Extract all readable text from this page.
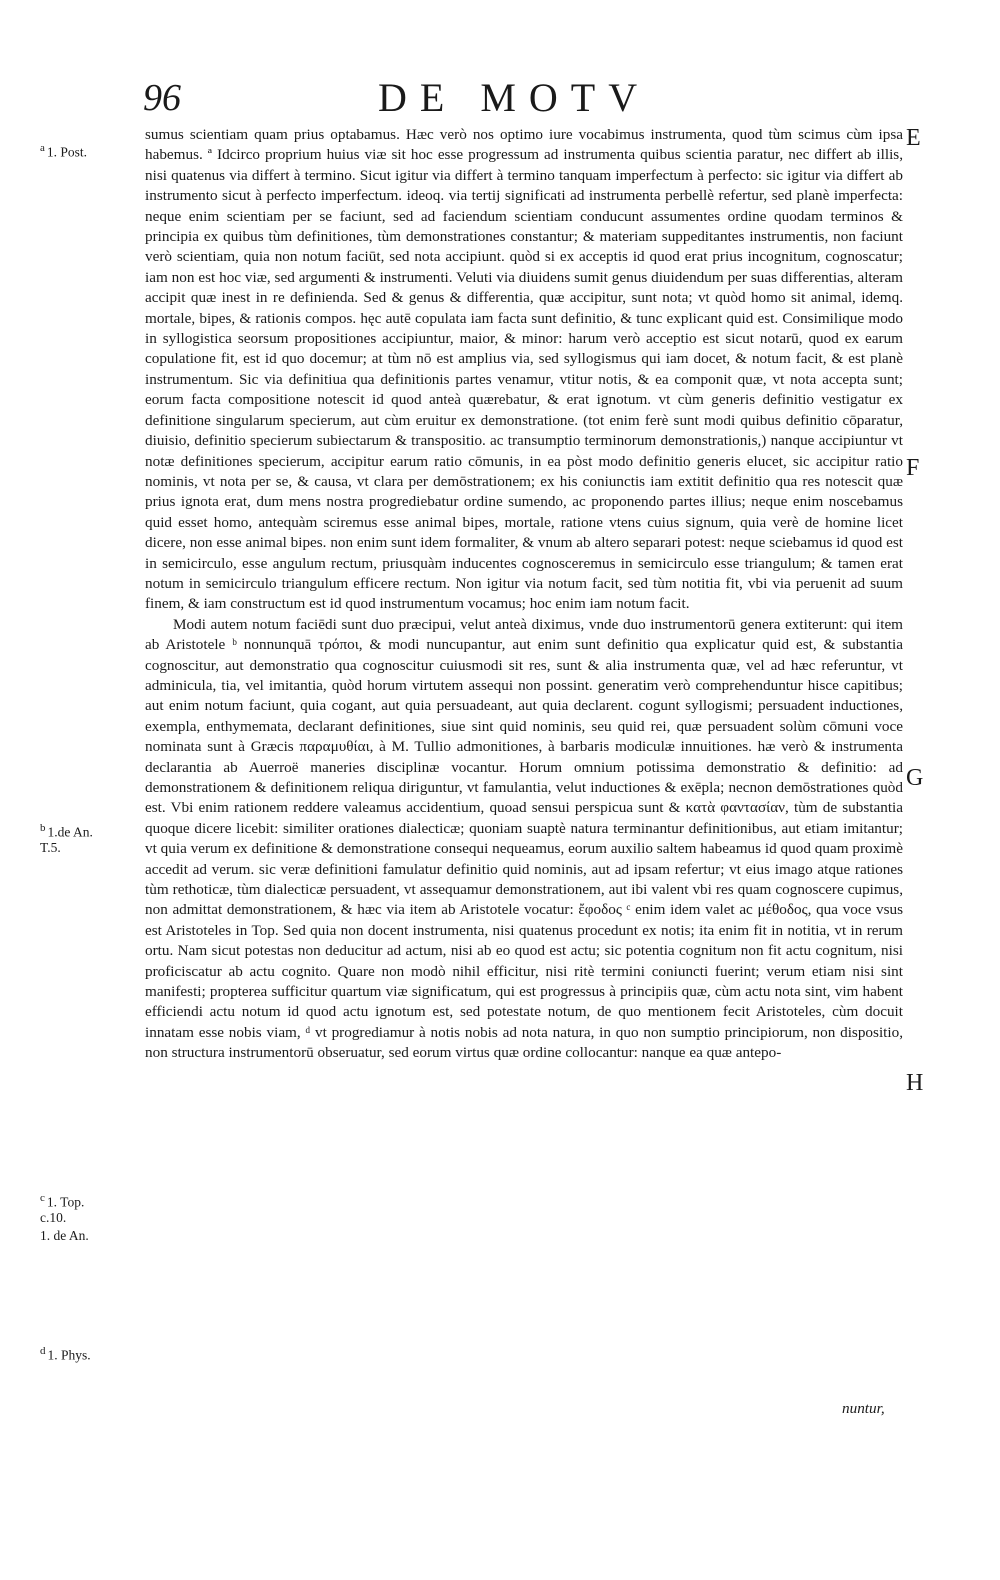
96	DE MOTV
$^a$ 1. Post.
$^b$ 1.de An.
T.5.
$^c$ 1. Top.
c.10.
1. de An.
$^d$ 1. Phys.
E
F
G
H

sumus scientiam quam prius optabamus. Hæc verò nos optimo iure vocabimus instrumenta, quod tùm scimus cùm ipsa habemus. ª Idcirco proprium huius viæ sit hoc esse progressum ad instrumenta quibus scientia paratur, nec differt ab illis, nisi quatenus via differt à termino. Sicut igitur via differt à termino tanquam imperfectum à perfecto: sic igitur via differt ab instrumento sicut à perfecto imperfectum. ideoq. via tertij significati ad instrumenta perbellè refertur, sed planè imperfecta: neque enim scientiam per se faciunt, sed ad faciendum scientiam conducunt assumentes ordine quodam terminos & principia ex quibus tùm definitiones, tùm demonstrationes constantur; & materiam suppeditantes instrumentis, non faciunt verò scientiam, quia non notum faciūt, sed nota accipiunt. quòd si ex acceptis id quod erat prius incognitum, cognoscatur; iam non est hoc viæ, sed argumenti & instrumenti. Veluti via diuidens sumit genus diuidendum per suas differentias, alteram accipit quæ inest in re definienda. Sed & genus & differentia, quæ accipitur, sunt nota; vt quòd homo sit animal, idemq. mortale, bipes, & rationis compos. hęc autē copulata iam facta sunt definitio, & tunc explicant quid est. Consimilique modo in syllogistica seorsum propositiones accipiuntur, maior, & minor: harum verò acceptio est sicut notarū, quod ex earum copulatione fit, est id quo docemur; at tùm nō est amplius via, sed syllogismus qui iam docet, & notum facit, & est planè instrumentum. Sic via definitiua qua definitionis partes venamur, vtitur notis, & ea componit quæ, vt nota accepta sunt; eorum facta compositione notescit id quod anteà quærebatur, & erat ignotum. vt cùm generis definitio vestigatur ex definitione singularum specierum, aut cùm eruitur ex demonstratione. (tot enim ferè sunt modi quibus definitio cōparatur, diuisio, definitio specierum subiectarum & transpositio. ac transumptio terminorum demonstrationis,) nanque accipiuntur vt notæ definitiones specierum, accipitur earum ratio cōmunis, in ea pòst modo definitio generis elucet, sic accipitur ratio nominis, vt nota per se, & causa, vt clara per demōstrationem; ex his coniunctis iam extitit definitio qua res notescit quæ prius ignota erat, dum mens nostra progrediebatur ordine sumendo, ac proponendo partes illius; neque enim noscebamus quid esset homo, antequàm sciremus esse animal bipes, mortale, ratione vtens cuius signum, quia verè de homine licet dicere, non esse animal bipes. non enim sunt idem formaliter, & vnum ab altero separari potest: neque sciebamus id quod est in semicirculo, esse angulum rectum, priusquàm inducentes cognosceremus in semicirculo esse triangulum; & tamen erat notum in semicirculo triangulum efficere rectum. Non igitur via notum facit, sed tùm notitia fit, vbi via peruenit ad suum finem, & iam constructum est id quod instrumentum vocamus; hoc enim iam notum facit.

Modi autem notum faciēdi sunt duo præcipui, velut anteà diximus, vnde duo instrumentorū genera extiterunt: qui item ab Aristotele ᵇ nonnunquā τρόποι, & modi nuncupantur, aut enim sunt definitio qua explicatur quid est, & substantia cognoscitur, aut demonstratio qua cognoscitur cuiusmodi sit res, sunt & alia instrumenta quæ, vel ad hæc referuntur, vt adminicula, tia, vel imitantia, quòd horum virtutem assequi non possint. generatim verò comprehenduntur hisce capitibus; aut enim notum faciunt, quia cogant, aut quia persuadeant, aut quia declarent. cogunt syllogismi; persuadent inductiones, exempla, enthymemata, declarant definitiones, siue sint quid nominis, seu quid rei, quæ persuadent solùm cōmuni voce nominata sunt à Græcis παραμυθίαι, à M. Tullio admonitiones, à barbaris modiculæ innuitiones. hæ verò & instrumenta declarantia ab Auerroë maneries disciplinæ vocantur. Horum omnium potissima demonstratio & definitio: ad demonstrationem & definitionem reliqua diriguntur, vt famulantia, velut inductiones & exēpla; necnon demōstrationes quòd est. Vbi enim rationem reddere valeamus accidentium, quoad sensui perspicua sunt & κατὰ φαντασίαν, tùm de substantia quoque dicere licebit: similiter orationes dialecticæ; quoniam suaptè natura terminantur definitionibus, aut etiam imitantur; vt quia verum ex definitione & demonstratione consequi nequeamus, eorum auxilio saltem habeamus id quod quam proximè accedit ad verum. sic veræ definitioni famulatur definitio quid nominis, aut ad ipsam refertur; vt eius imago atque rationes tùm rethoticæ, tùm dialecticæ persuadent, vt assequamur demonstrationem, aut ibi valent vbi res quam cognoscere cupimus, non admittat demonstrationem, & hæc via item ab Aristotele vocatur: ἔφοδος ᶜ enim idem valet ac μέθοδος, qua voce vsus est Aristoteles in Top. Sed quia non docent instrumenta, nisi quatenus procedunt ex notis; ita enim fit in notitia, vt in rerum ortu. Nam sicut potestas non deducitur ad actum, nisi ab eo quod est actu; sic potentia cognitum non fit actu cognitum, nisi proficiscatur ab actu cognito. Quare non modò nihil efficitur, nisi ritè termini coniuncti fuerint; verum etiam nisi sint manifesti; propterea sufficitur quartum viæ significatum, qui est progressus à principiis quæ, cùm actu nota sint, vim habent efficiendi actu notum id quod actu ignotum est, sed potestate notum, de quo mentionem fecit Aristoteles, cùm docuit innatam esse nobis viam, ᵈ vt progrediamur à notis nobis ad nota natura, in quo non sumptio principiorum, non dispositio, non structura instrumentorū obseruatur, sed eorum virtus quæ ordine collocantur: nanque ea quæ antepo-

nuntur,
